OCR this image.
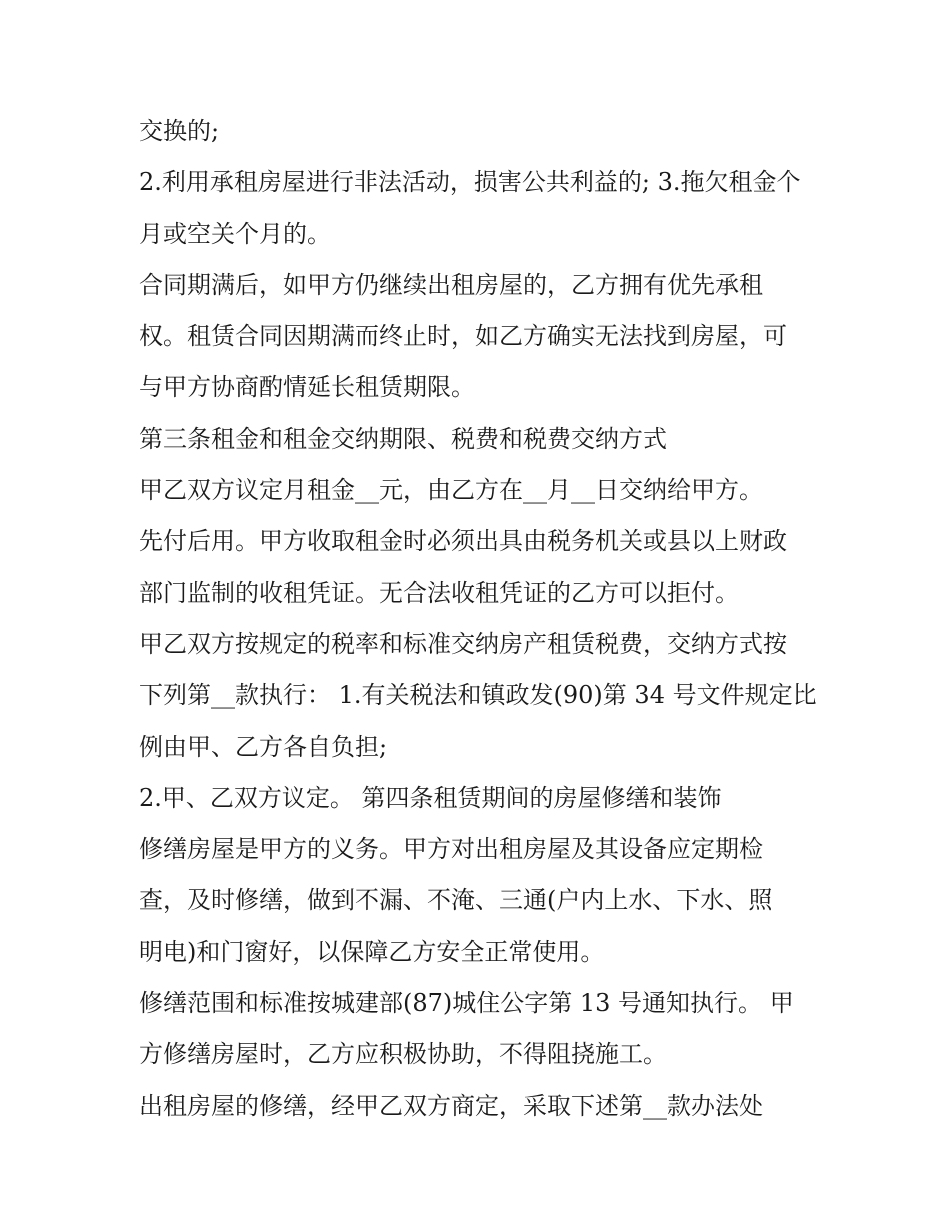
交换的;
2.利用承租房屋进行非法活动，损害公共利益的; 3.拖欠租金个
月或空关个月的。
合同期满后，如甲方仍继续出租房屋的，乙方拥有优先承租
权。租赁合同因期满而终止时，如乙方确实无法找到房屋，可
与甲方协商酌情延长租赁期限。
第三条租金和租金交纳期限、税费和税费交纳方式
甲乙双方议定月租金__元，由乙方在__月__日交纳给甲方。
先付后用。甲方收取租金时必须出具由税务机关或县以上财政
部门监制的收租凭证。无合法收租凭证的乙方可以拒付。
甲乙双方按规定的税率和标准交纳房产租赁税费，交纳方式按
下列第__款执行： 1.有关税法和镇政发(90)第 34 号文件规定比
例由甲、乙方各自负担;
2.甲、乙双方议定。 第四条租赁期间的房屋修缮和装饰
修缮房屋是甲方的义务。甲方对出租房屋及其设备应定期检
查，及时修缮，做到不漏、不淹、三通(户内上水、下水、照
明电)和门窗好，以保障乙方安全正常使用。
修缮范围和标准按城建部(87)城住公字第 13 号通知执行。 甲
方修缮房屋时，乙方应积极协助，不得阻挠施工。
出租房屋的修缮，经甲乙双方商定，采取下述第__款办法处
